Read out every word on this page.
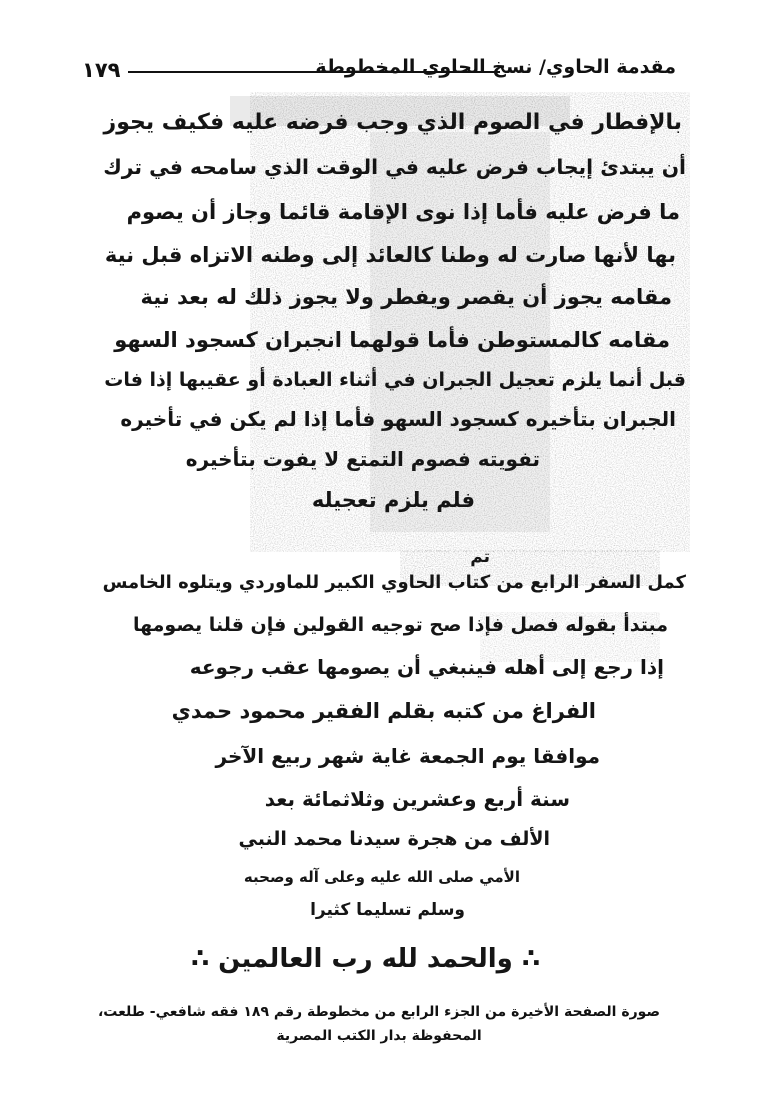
١٧٩	مقدمة الحاوي/ نسخ الحاوي المخطوطة
بالإفطار في الصوم الذي وجب فرضه عليه فكيف يجوز
أن يبتدئ إيجاب فرض عليه في الوقت الذي سامحه في ترك
ما فرض عليه فأما إذا نوى الإقامة قائما وجاز أن يصوم
بها لأنها صارت له وطنا كالعائد إلى وطنه الاتزاه قبل نية
مقامه يجوز أن يقصر ويفطر ولا يجوز ذلك له بعد نية
مقامه كالمستوطن فأما قولهما انجبران كسجود السهو
قبل أنما يلزم تعجيل الجبران في أثناء العبادة أو عقيبها إذا فات
الجبران بتأخيره كسجود السهو فأما إذا لم يكن في تأخيره
تفويته فصوم التمتع لا يفوت بتأخيره
فلم يلزم تعجيله
تم
كمل السفر الرابع من كتاب الحاوي الكبير للماوردي ويتلوه الخامس
مبتدأ بقوله فصل فإذا صح توجيه القولين فإن قلنا يصومها
إذا رجع إلى أهله فينبغي أن يصومها عقب رجوعه
الفراغ من كتبه بقلم الفقير محمود حمدي
موافقا يوم الجمعة غاية شهر ربيع الآخر
سنة أربع وعشرين وثلاثمائة بعد
الألف من هجرة سيدنا محمد النبي
الأمي صلى الله عليه وعلى آله وصحبه
وسلم تسليما كثيرا
∴ والحمد لله رب العالمين ∴
صورة الصفحة الأخيرة من الجزء الرابع من مخطوطة رقم ١٨٩ فقه شافعي- طلعت،
المحفوظة بدار الكتب المصرية
